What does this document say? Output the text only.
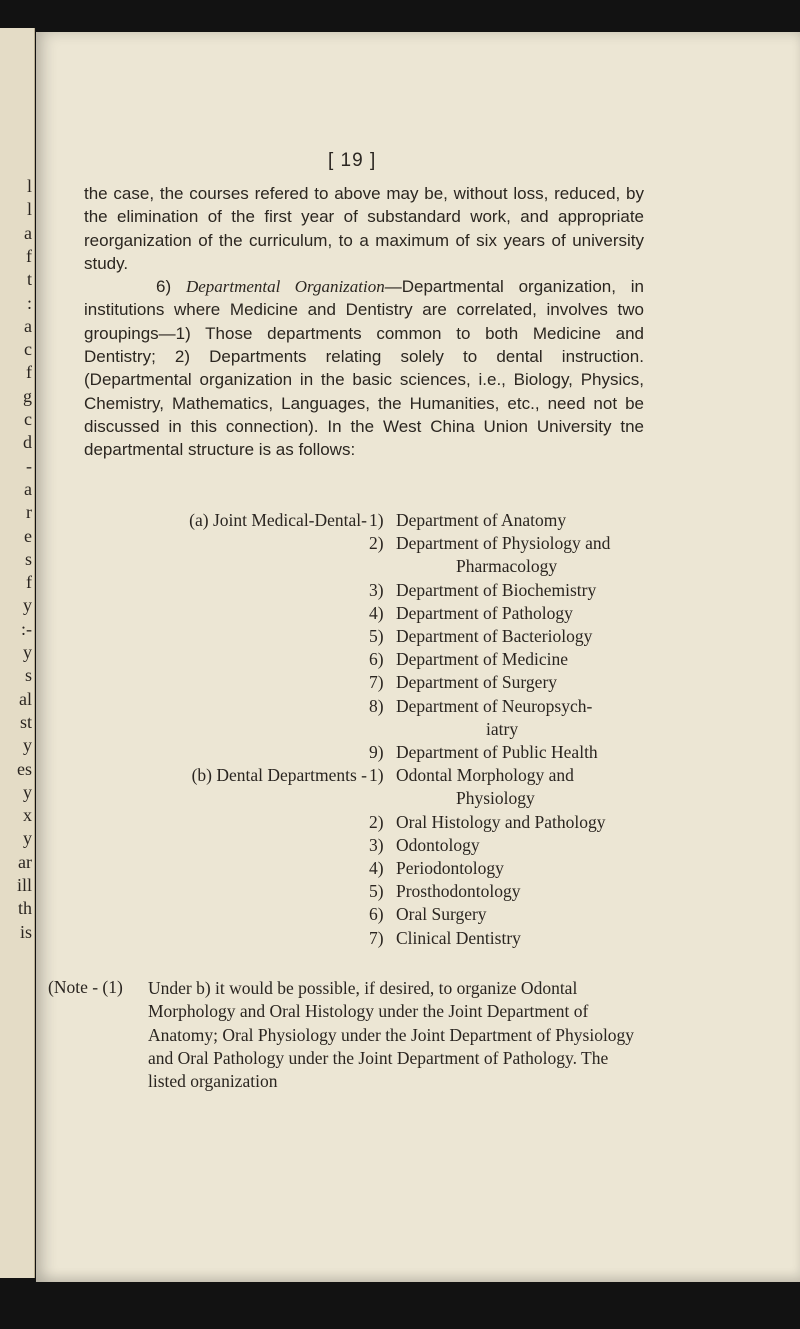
l
l
a
f
t
:
a
c
f
g
c
d
-
a
r
e
s
f
y
:-
y
s
al
st
y
es
y
x
y
ar
ill
th
is
[ 19 ]

the case, the courses refered to above may be, without loss, reduced, by the elimination of the first year of substandard work, and appropriate reorganization of the curriculum, to a maximum of six years of university study.

6) Departmental Organization—Departmental organization, in institutions where Medicine and Dentistry are correlated, involves two groupings—1) Those departments common to both Medicine and Dentistry; 2) Departments relating solely to dental instruction. (Departmental organization in the basic sciences, i.e., Biology, Physics, Chemistry, Mathematics, Languages, the Humanities, etc., need not be discussed in this connection). In the West China Union University tne departmental structure is as follows:

(a) Joint Medical-Dental- 1) Department of Anatomy
2) Department of Physiology and
Pharmacology
3) Department of Biochemistry
4) Department of Pathology
5) Department of Bacteriology
6) Department of Medicine
7) Department of Surgery
8) Department of Neuropsych-
iatry
9) Department of Public Health
(b) Dental Departments - 1) Odontal Morphology and
Physiology
2) Oral Histology and Pathology
3) Odontology
4) Periodontology
5) Prosthodontology
6) Oral Surgery
7) Clinical Dentistry
(Note - (1) Under b) it would be possible, if desired, to organize Odontal Morphology and Oral Histology under the Joint Department of Anatomy; Oral Physiology under the Joint Department of Physiology and Oral Pathology under the Joint Department of Pathology. The listed organization
